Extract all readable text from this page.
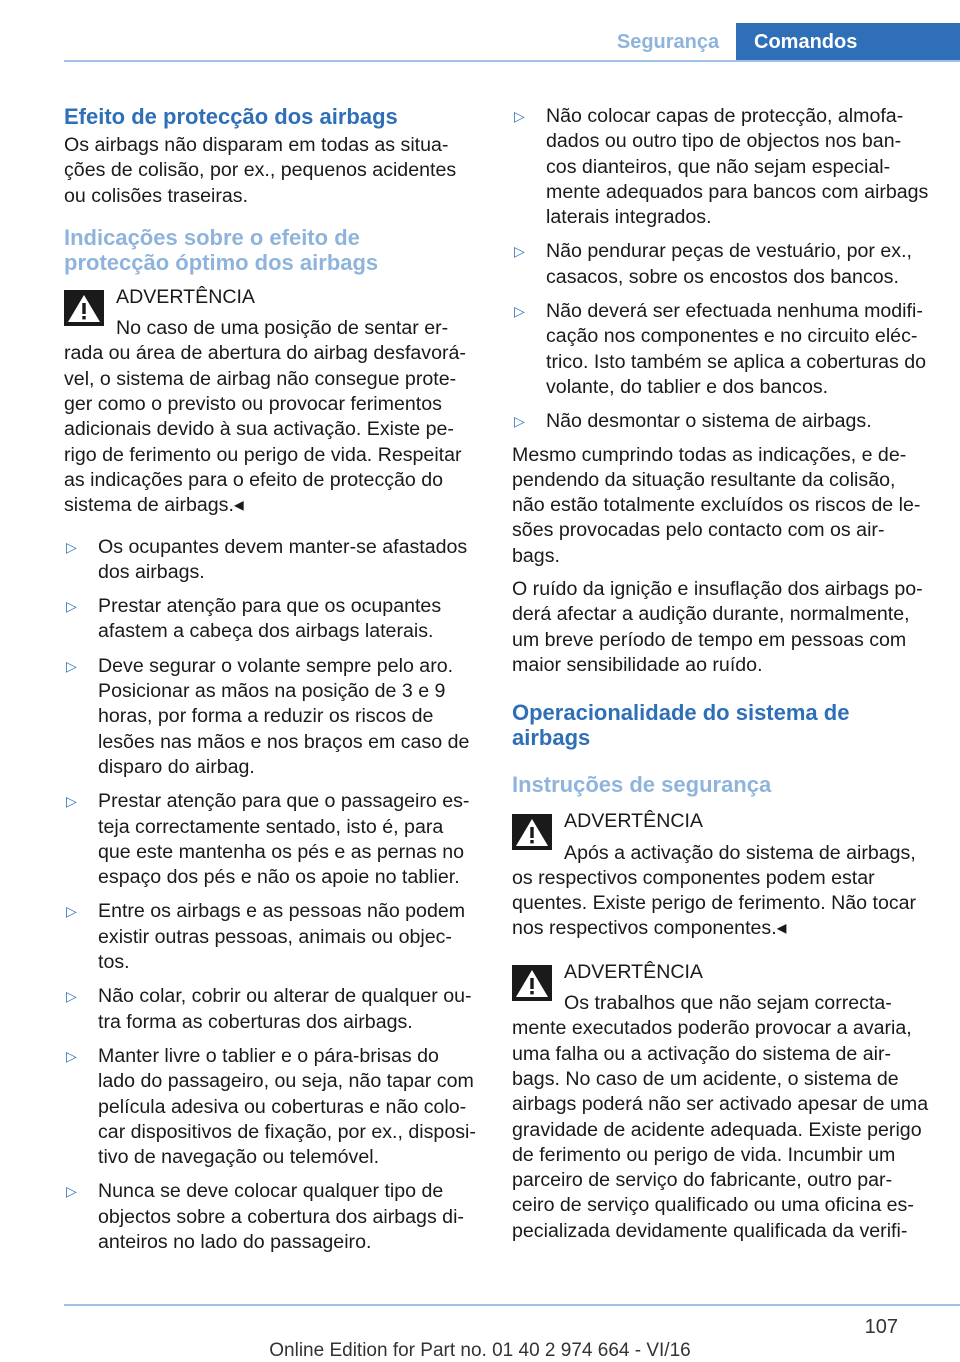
Segurança	Comandos
Efeito de protecção dos airbags

Os airbags não disparam em todas as situa-ções de colisão, por ex., pequenos acidentes ou colisões traseiras.

Indicações sobre o efeito de protecção óptimo dos airbags

ADVERTÊNCIA

No caso de uma posição de sentar er-

rada ou área de abertura do airbag desfavorá-vel, o sistema de airbag não consegue prote-ger como o previsto ou provocar ferimentos adicionais devido à sua activação. Existe pe-rigo de ferimento ou perigo de vida. Respeitar as indicações para o efeito de protecção do sistema de airbags.◂

▷ Os ocupantes devem manter-se afastados dos airbags.
▷ Prestar atenção para que os ocupantes afastem a cabeça dos airbags laterais.
▷ Deve segurar o volante sempre pelo aro. Posicionar as mãos na posição de 3 e 9 horas, por forma a reduzir os riscos de lesões nas mãos e nos braços em caso de disparo do airbag.
▷ Prestar atenção para que o passageiro es-teja correctamente sentado, isto é, para que este mantenha os pés e as pernas no espaço dos pés e não os apoie no tablier.
▷ Entre os airbags e as pessoas não podem existir outras pessoas, animais ou objec-tos.
▷ Não colar, cobrir ou alterar de qualquer ou-tra forma as coberturas dos airbags.
▷ Manter livre o tablier e o pára-brisas do lado do passageiro, ou seja, não tapar com película adesiva ou coberturas e não colo-car dispositivos de fixação, por ex., disposi-tivo de navegação ou telemóvel.
▷ Nunca se deve colocar qualquer tipo de objectos sobre a cobertura dos airbags di-anteiros no lado do passageiro.
▷ Não colocar capas de protecção, almofa-dados ou outro tipo de objectos nos ban-cos dianteiros, que não sejam especial-mente adequados para bancos com airbags laterais integrados.
▷ Não pendurar peças de vestuário, por ex., casacos, sobre os encostos dos bancos.
▷ Não deverá ser efectuada nenhuma modifi-cação nos componentes e no circuito eléc-trico. Isto também se aplica a coberturas do volante, do tablier e dos bancos.
▷ Não desmontar o sistema de airbags.

Mesmo cumprindo todas as indicações, e de-pendendo da situação resultante da colisão, não estão totalmente excluídos os riscos de le-sões provocadas pelo contacto com os air-bags.

O ruído da ignição e insuflação dos airbags po-derá afectar a audição durante, normalmente, um breve período de tempo em pessoas com maior sensibilidade ao ruído.

Operacionalidade do sistema de airbags
Instruções de segurança

ADVERTÊNCIA

Após a activação do sistema de airbags,

os respectivos componentes podem estar quentes. Existe perigo de ferimento. Não tocar nos respectivos componentes.◂

ADVERTÊNCIA

Os trabalhos que não sejam correcta-

mente executados poderão provocar a avaria, uma falha ou a activação do sistema de air-bags. No caso de um acidente, o sistema de airbags poderá não ser activado apesar de uma gravidade de acidente adequada. Existe perigo de ferimento ou perigo de vida. Incumbir um parceiro de serviço do fabricante, outro par-ceiro de serviço qualificado ou uma oficina es-pecializada devidamente qualificada da verifi-

107
Online Edition for Part no. 01 40 2 974 664 - VI/16
